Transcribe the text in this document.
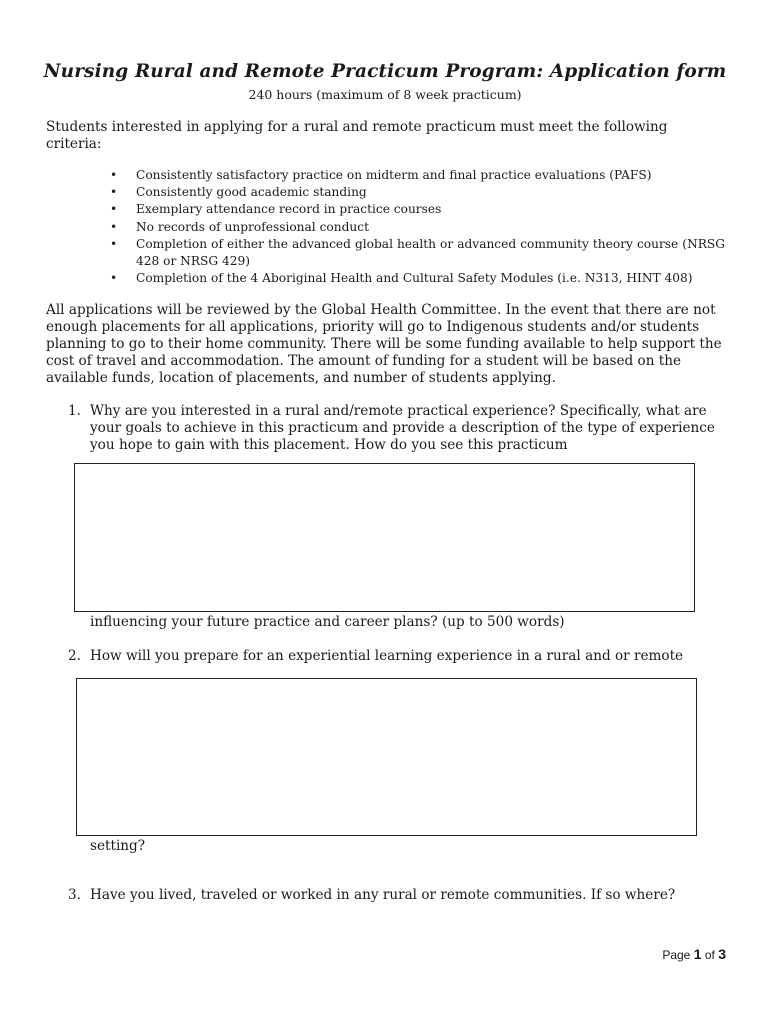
Nursing Rural and Remote Practicum Program: Application form
240 hours (maximum of 8 week practicum)
Students interested in applying for a rural and remote practicum must meet the following criteria:
• Consistently satisfactory practice on midterm and final practice evaluations (PAFS)
• Consistently good academic standing
• Exemplary attendance record in practice courses
• No records of unprofessional conduct
• Completion of either the advanced global health or advanced community theory course (NRSG 428 or NRSG 429)
• Completion of the 4 Aboriginal Health and Cultural Safety Modules (i.e. N313, HINT 408)
All applications will be reviewed by the Global Health Committee. In the event that there are not enough placements for all applications, priority will go to Indigenous students and/or students planning to go to their home community. There will be some funding available to help support the cost of travel and accommodation. The amount of funding for a student will be based on the available funds, location of placements, and number of students applying.
1. Why are you interested in a rural and/remote practical experience? Specifically, what are your goals to achieve in this practicum and provide a description of the type of experience you hope to gain with this placement. How do you see this practicum
influencing your future practice and career plans? (up to 500 words)
2. How will you prepare for an experiential learning experience in a rural and or remote
setting?
3. Have you lived, traveled or worked in any rural or remote communities. If so where?
Page 1 of 3
